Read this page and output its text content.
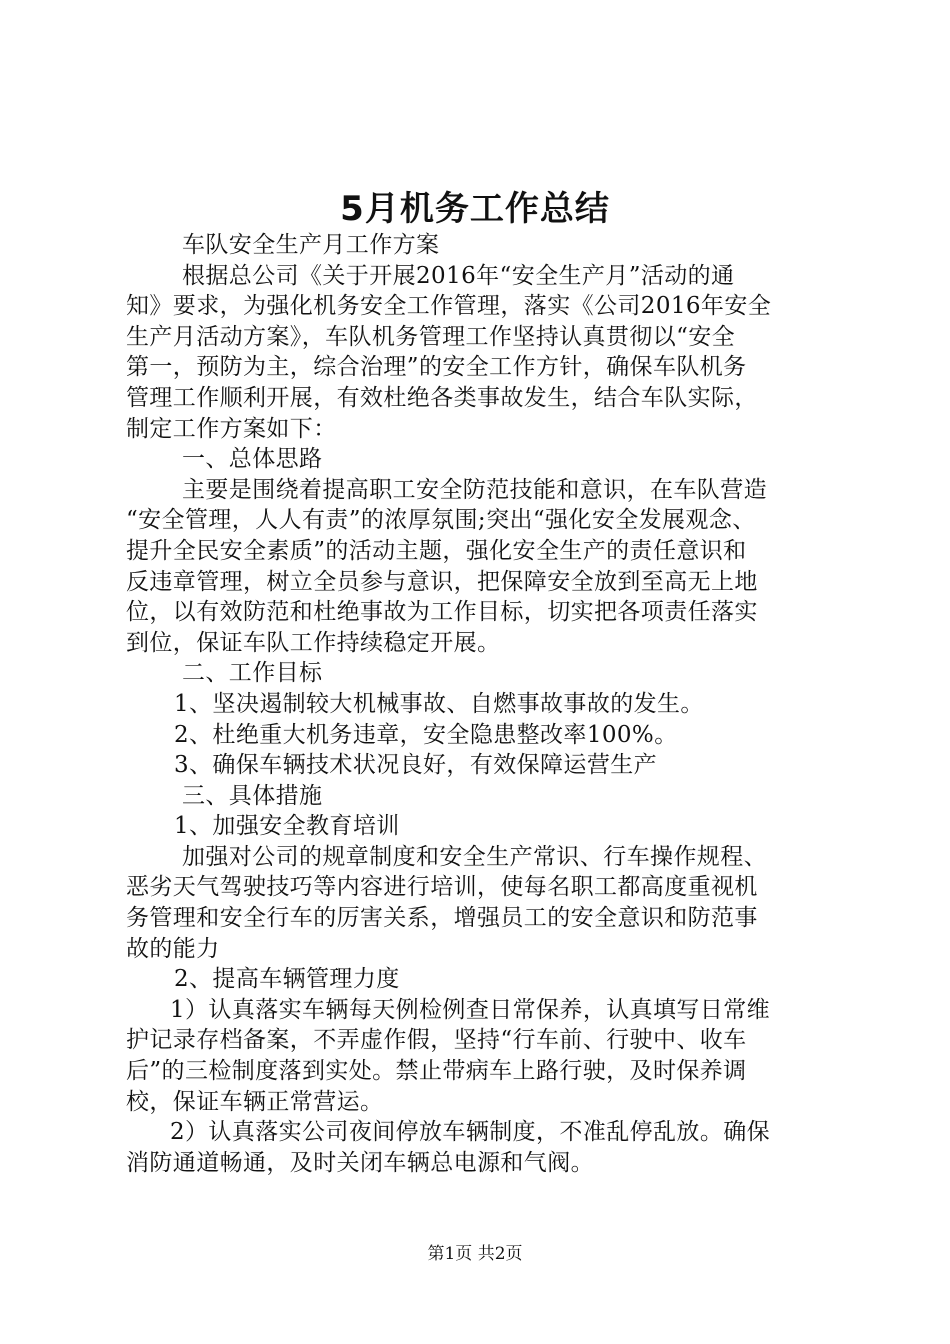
5月机务工作总结
车队安全生产月工作方案
根据总公司《关于开展2016年“安全生产月”活动的通
知》要求，为强化机务安全工作管理，落实《公司2016年安全
生产月活动方案》，车队机务管理工作坚持认真贯彻以“安全
第一，预防为主，综合治理”的安全工作方针，确保车队机务
管理工作顺利开展，有效杜绝各类事故发生，结合车队实际，
制定工作方案如下：
一、总体思路
主要是围绕着提高职工安全防范技能和意识，在车队营造
“安全管理，人人有责”的浓厚氛围;突出“强化安全发展观念、
提升全民安全素质”的活动主题，强化安全生产的责任意识和
反违章管理，树立全员参与意识，把保障安全放到至高无上地
位，以有效防范和杜绝事故为工作目标，切实把各项责任落实
到位，保证车队工作持续稳定开展。
二、工作目标
1、坚决遏制较大机械事故、自燃事故事故的发生。
2、杜绝重大机务违章，安全隐患整改率100%。
3、确保车辆技术状况良好，有效保障运营生产
三、具体措施
1、加强安全教育培训
加强对公司的规章制度和安全生产常识、行车操作规程、
恶劣天气驾驶技巧等内容进行培训，使每名职工都高度重视机
务管理和安全行车的厉害关系，增强员工的安全意识和防范事
故的能力
2、提高车辆管理力度
1）认真落实车辆每天例检例查日常保养，认真填写日常维
护记录存档备案，不弄虚作假，坚持“行车前、行驶中、收车
后”的三检制度落到实处。禁止带病车上路行驶，及时保养调
校，保证车辆正常营运。
2）认真落实公司夜间停放车辆制度，不准乱停乱放。确保
消防通道畅通，及时关闭车辆总电源和气阀。
第1页 共2页
